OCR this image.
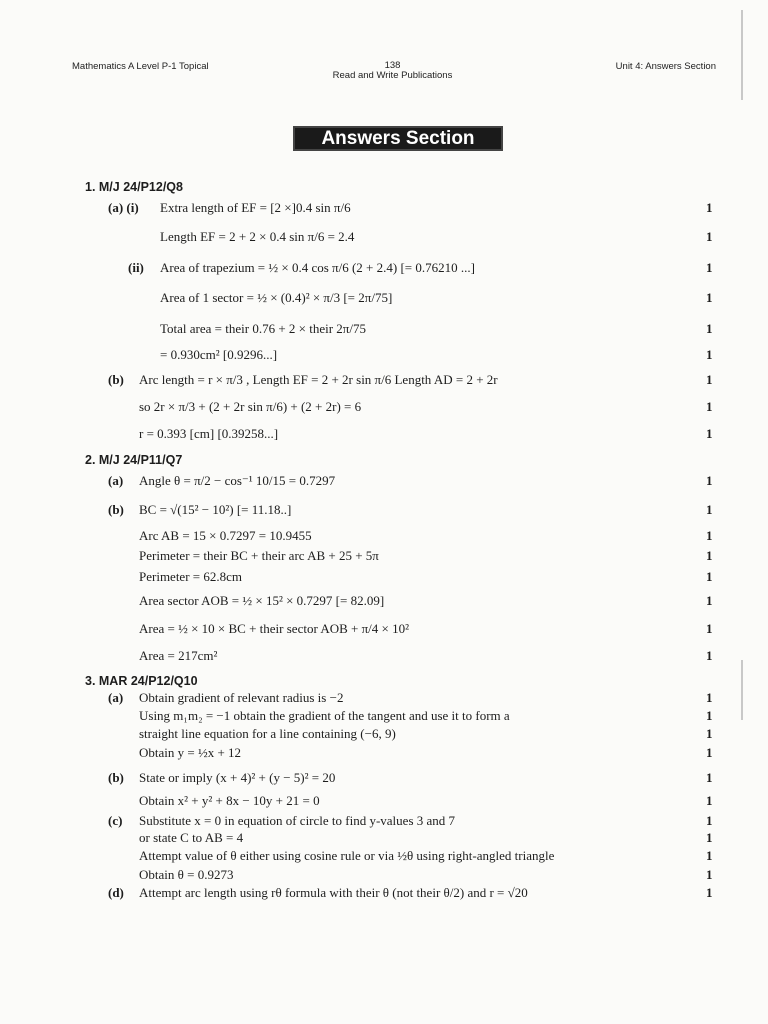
Mathematics A Level P-1 Topical	138
Read and Write Publications
Unit 4: Answers Section
Answers Section
1. M/J 24/P12/Q8
(a) (i) Extra length of EF = [2 ×]0.4 sin π/6	1
Length EF = 2 + 2 × 0.4 sin π/6 = 2.4	1
(ii) Area of trapezium = ½ × 0.4 cos π/6 (2 + 2.4) [= 0.76210 ...]	1
Area of 1 sector = ½ × (0.4)² × π/3 [= 2π/75]	1
Total area = their 0.76 + 2 × their 2π/75	1
= 0.930cm² [0.9296...]	1
(b) Arc length = r × π/3 , Length EF = 2 + 2r sin π/6 Length AD = 2 + 2r	1
so 2r × π/3 + (2 + 2r sin π/6) + (2 + 2r) = 6	1
r = 0.393 [cm] [0.39258...]	1
2. M/J 24/P11/Q7
(a) Angle θ = π/2 − cos⁻¹ 10/15 = 0.7297	1
(b) BC = √(15² − 10²) [= 11.18..]	1
Arc AB = 15 × 0.7297 = 10.9455	1
Perimeter = their BC + their arc AB + 25 + 5π	1
Perimeter = 62.8cm	1
Area sector AOB = ½ × 15² × 0.7297 [= 82.09]	1
Area = ½ × 10 × BC + their sector AOB + π/4 × 10²	1
Area = 217cm²	1
3. MAR 24/P12/Q10
(a) Obtain gradient of relevant radius is −2	1
Using m₁m₂ = −1 obtain the gradient of the tangent and use it to form a	1
straight line equation for a line containing (−6, 9)	1
Obtain y = ½x + 12	1
(b) State or imply (x + 4)² + (y − 5)² = 20	1
Obtain x² + y² + 8x − 10y + 21 = 0	1
(c) Substitute x = 0 in equation of circle to find y-values 3 and 7	1
or state C to AB = 4	1
Attempt value of θ either using cosine rule or via ½θ using right-angled triangle	1
Obtain θ = 0.9273	1
(d) Attempt arc length using rθ formula with their θ (not their θ/2) and r = √20	1
